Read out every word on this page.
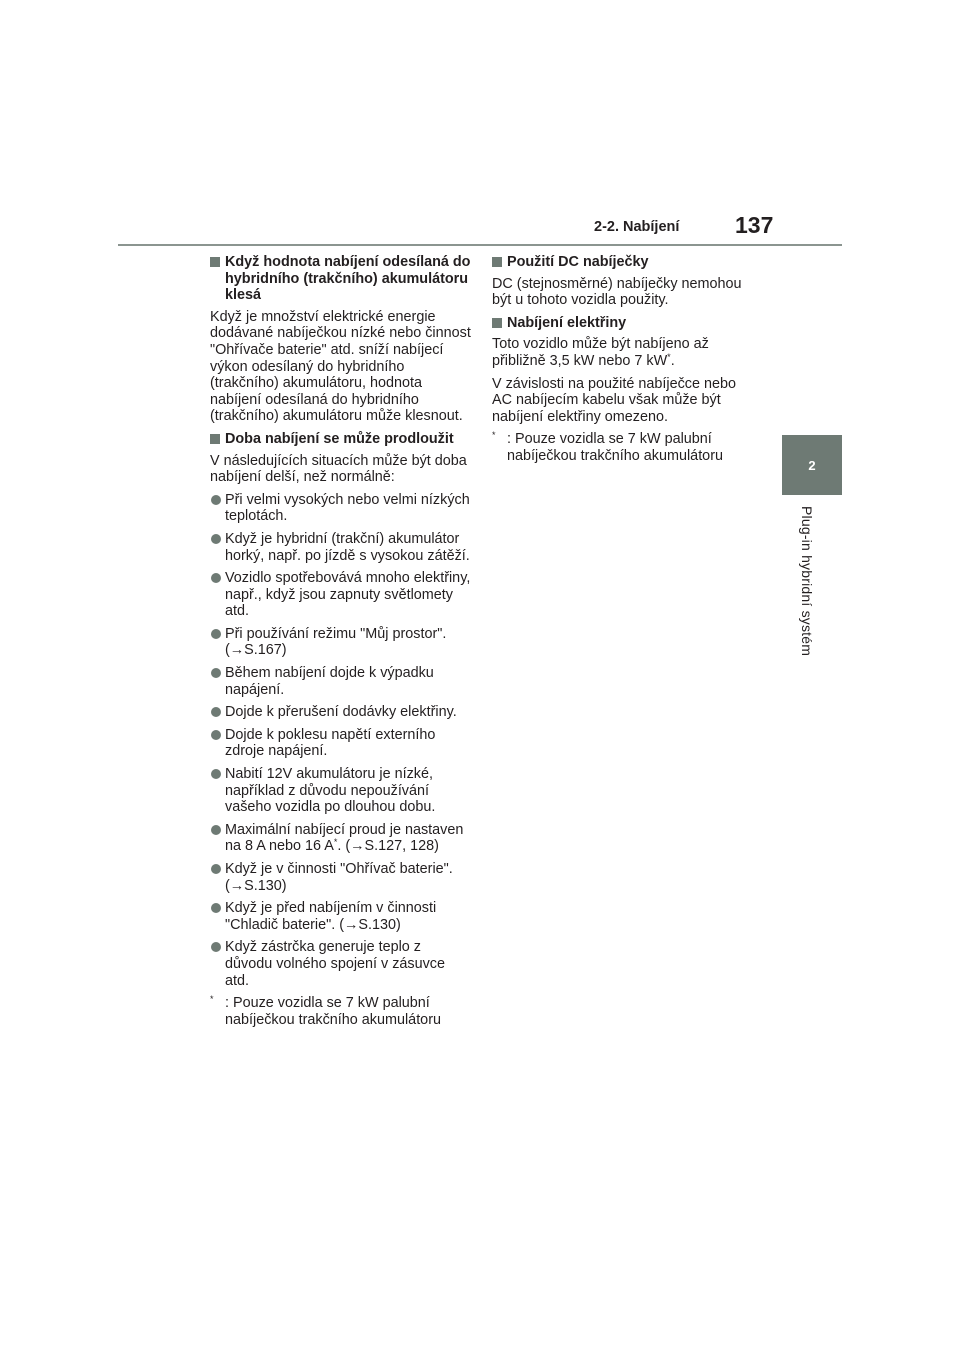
2-2. Nabíjení 137
2
Plug-in hybridní systém
Když hodnota nabíjení odesílaná do hybridního (trakčního) akumulátoru klesá

Když je množství elektrické energie dodávané nabíječkou nízké nebo činnost "Ohřívače baterie" atd. sníží nabíjecí výkon odesílaný do hybridního (trakčního) akumulátoru, hodnota nabíjení odesílaná do hybridního (trakčního) akumulátoru může klesnout.

Doba nabíjení se může prodloužit

V následujících situacích může být doba nabíjení delší, než normálně:

Při velmi vysokých nebo velmi nízkých teplotách.
Když je hybridní (trakční) akumulátor horký, např. po jízdě s vysokou zátěží.
Vozidlo spotřebovává mnoho elektřiny, např., když jsou zapnuty světlomety atd.
Při používání režimu "Můj prostor". (→S.167)
Během nabíjení dojde k výpadku napájení.
Dojde k přerušení dodávky elektřiny.
Dojde k poklesu napětí externího zdroje napájení.
Nabití 12V akumulátoru je nízké, například z důvodu nepoužívání vašeho vozidla po dlouhou dobu.
Maximální nabíjecí proud je nastaven na 8 A nebo 16 A*. (→S.127, 128)
Když je v činnosti "Ohřívač baterie". (→S.130)
Když je před nabíjením v činnosti "Chladič baterie". (→S.130)
Když zástrčka generuje teplo z důvodu volného spojení v zásuvce atd.
* : Pouze vozidla se 7 kW palubní nabíječkou trakčního akumulátoru
Použití DC nabíječky

DC (stejnosměrné) nabíječky nemohou být u tohoto vozidla použity.

Nabíjení elektřiny

Toto vozidlo může být nabíjeno až přibližně 3,5 kW nebo 7 kW*.

V závislosti na použité nabíječce nebo AC nabíjecím kabelu však může být nabíjení elektřiny omezeno.

* : Pouze vozidla se 7 kW palubní nabíječkou trakčního akumulátoru
